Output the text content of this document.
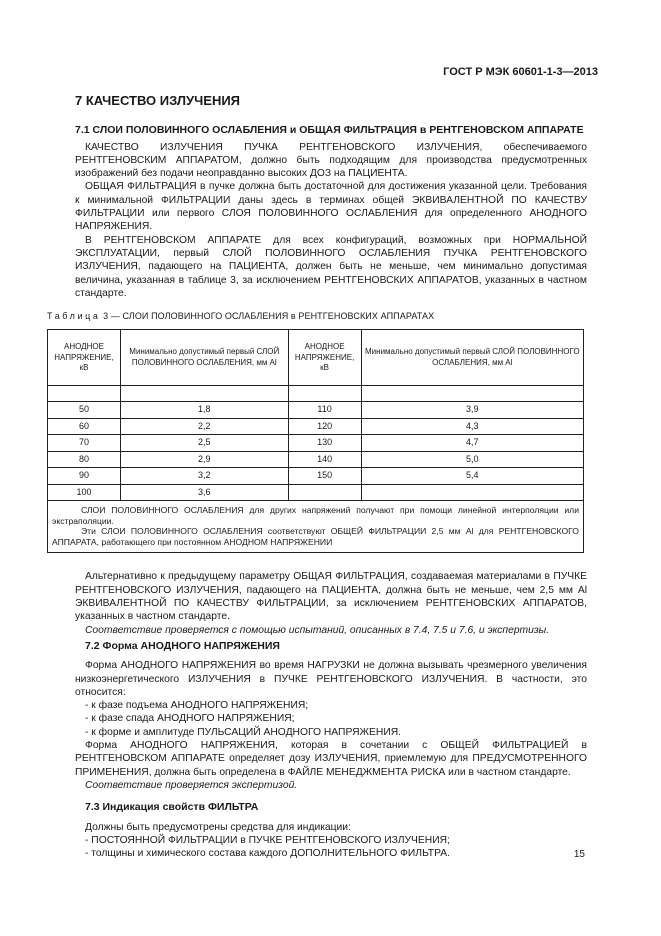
ГОСТ Р МЭК 60601-1-3—2013
7 КАЧЕСТВО ИЗЛУЧЕНИЯ
7.1 СЛОИ ПОЛОВИННОГО ОСЛАБЛЕНИЯ и ОБЩАЯ ФИЛЬТРАЦИЯ в РЕНТГЕНОВСКОМ АППАРАТЕ

КАЧЕСТВО ИЗЛУЧЕНИЯ ПУЧКА РЕНТГЕНОВСКОГО ИЗЛУЧЕНИЯ, обеспечиваемого РЕНТГЕНОВСКИМ АППАРАТОМ, должно быть подходящим для производства предусмотренных изображений без подачи неоправданно высоких ДОЗ на ПАЦИЕНТА.

ОБЩАЯ ФИЛЬТРАЦИЯ в пучке должна быть достаточной для достижения указанной цели. Требования к минимальной ФИЛЬТРАЦИИ даны здесь в терминах общей ЭКВИВАЛЕНТНОЙ ПО КАЧЕСТВУ ФИЛЬТРАЦИИ или первого СЛОЯ ПОЛОВИННОГО ОСЛАБЛЕНИЯ для определенного АНОДНОГО НАПРЯЖЕНИЯ.

В РЕНТГЕНОВСКОМ АППАРАТЕ для всех конфигураций, возможных при НОРМАЛЬНОЙ ЭКСПЛУАТАЦИИ, первый СЛОЙ ПОЛОВИННОГО ОСЛАБЛЕНИЯ ПУЧКА РЕНТГЕНОВСКОГО ИЗЛУЧЕНИЯ, падающего на ПАЦИЕНТА, должен быть не меньше, чем минимально допустимая величина, указанная в таблице 3, за исключением РЕНТГЕНОВСКИХ АППАРАТОВ, указанных в частном стандарте.

Таблица 3 — СЛОИ ПОЛОВИННОГО ОСЛАБЛЕНИЯ в РЕНТГЕНОВСКИХ АППАРАТАХ
АНОДНОЕ НАПРЯЖЕНИЕ, кВ	Минимально допустимый первый СЛОЙ ПОЛОВИННОГО ОСЛАБЛЕНИЯ, мм Al	АНОДНОЕ НАПРЯЖЕНИЕ, кВ	Минимально допустимый первый СЛОЙ ПОЛОВИННОГО ОСЛАБЛЕНИЯ, мм Al

50	1,8	110	3,9
60	2,2	120	4,3
70	2,5	130	4,7
80	2,9	140	5,0
90	3,2	150	5,4
100	3,6		

СЛОИ ПОЛОВИННОГО ОСЛАБЛЕНИЯ для других напряжений получают при помощи линейной интерполяции или экстраполяции.

Эти СЛОИ ПОЛОВИННОГО ОСЛАБЛЕНИЯ соответствуют ОБЩЕЙ ФИЛЬТРАЦИИ 2,5 мм Al для РЕНТГЕНОВСКОГО АППАРАТА, работающего при постоянном АНОДНОМ НАПРЯЖЕНИИ			

Альтернативно к предыдущему параметру ОБЩАЯ ФИЛЬТРАЦИЯ, создаваемая материалами в ПУЧКЕ РЕНТГЕНОВСКОГО ИЗЛУЧЕНИЯ, падающего на ПАЦИЕНТА, должна быть не меньше, чем 2,5 мм Al ЭКВИВАЛЕНТНОЙ ПО КАЧЕСТВУ ФИЛЬТРАЦИИ, за исключением РЕНТГЕНОВСКИХ АППАРАТОВ, указанных в частном стандарте.

Соответствие проверяется с помощью испытаний, описанных в 7.4, 7.5 и 7.6, и экспертизы.

7.2 Форма АНОДНОГО НАПРЯЖЕНИЯ

Форма АНОДНОГО НАПРЯЖЕНИЯ во время НАГРУЗКИ не должна вызывать чрезмерного увеличения низкоэнергетического ИЗЛУЧЕНИЯ в ПУЧКЕ РЕНТГЕНОВСКОГО ИЗЛУЧЕНИЯ. В частности, это относится:

- к фазе подъема АНОДНОГО НАПРЯЖЕНИЯ;
- к фазе спада АНОДНОГО НАПРЯЖЕНИЯ;
- к форме и амплитуде ПУЛЬСАЦИЙ АНОДНОГО НАПРЯЖЕНИЯ.

Форма АНОДНОГО НАПРЯЖЕНИЯ, которая в сочетании с ОБЩЕЙ ФИЛЬТРАЦИЕЙ в РЕНТГЕНОВСКОМ АППАРАТЕ определяет дозу ИЗЛУЧЕНИЯ, приемлемую для ПРЕДУСМОТРЕННОГО ПРИМЕНЕНИЯ, должна быть определена в ФАЙЛЕ МЕНЕДЖМЕНТА РИСКА или в частном стандарте.

Соответствие проверяется экспертизой.

7.3 Индикация свойств ФИЛЬТРА

Должны быть предусмотрены средства для индикации:

- ПОСТОЯННОЙ ФИЛЬТРАЦИИ в ПУЧКЕ РЕНТГЕНОВСКОГО ИЗЛУЧЕНИЯ;
- толщины и химического состава каждого ДОПОЛНИТЕЛЬНОГО ФИЛЬТРА.	15
